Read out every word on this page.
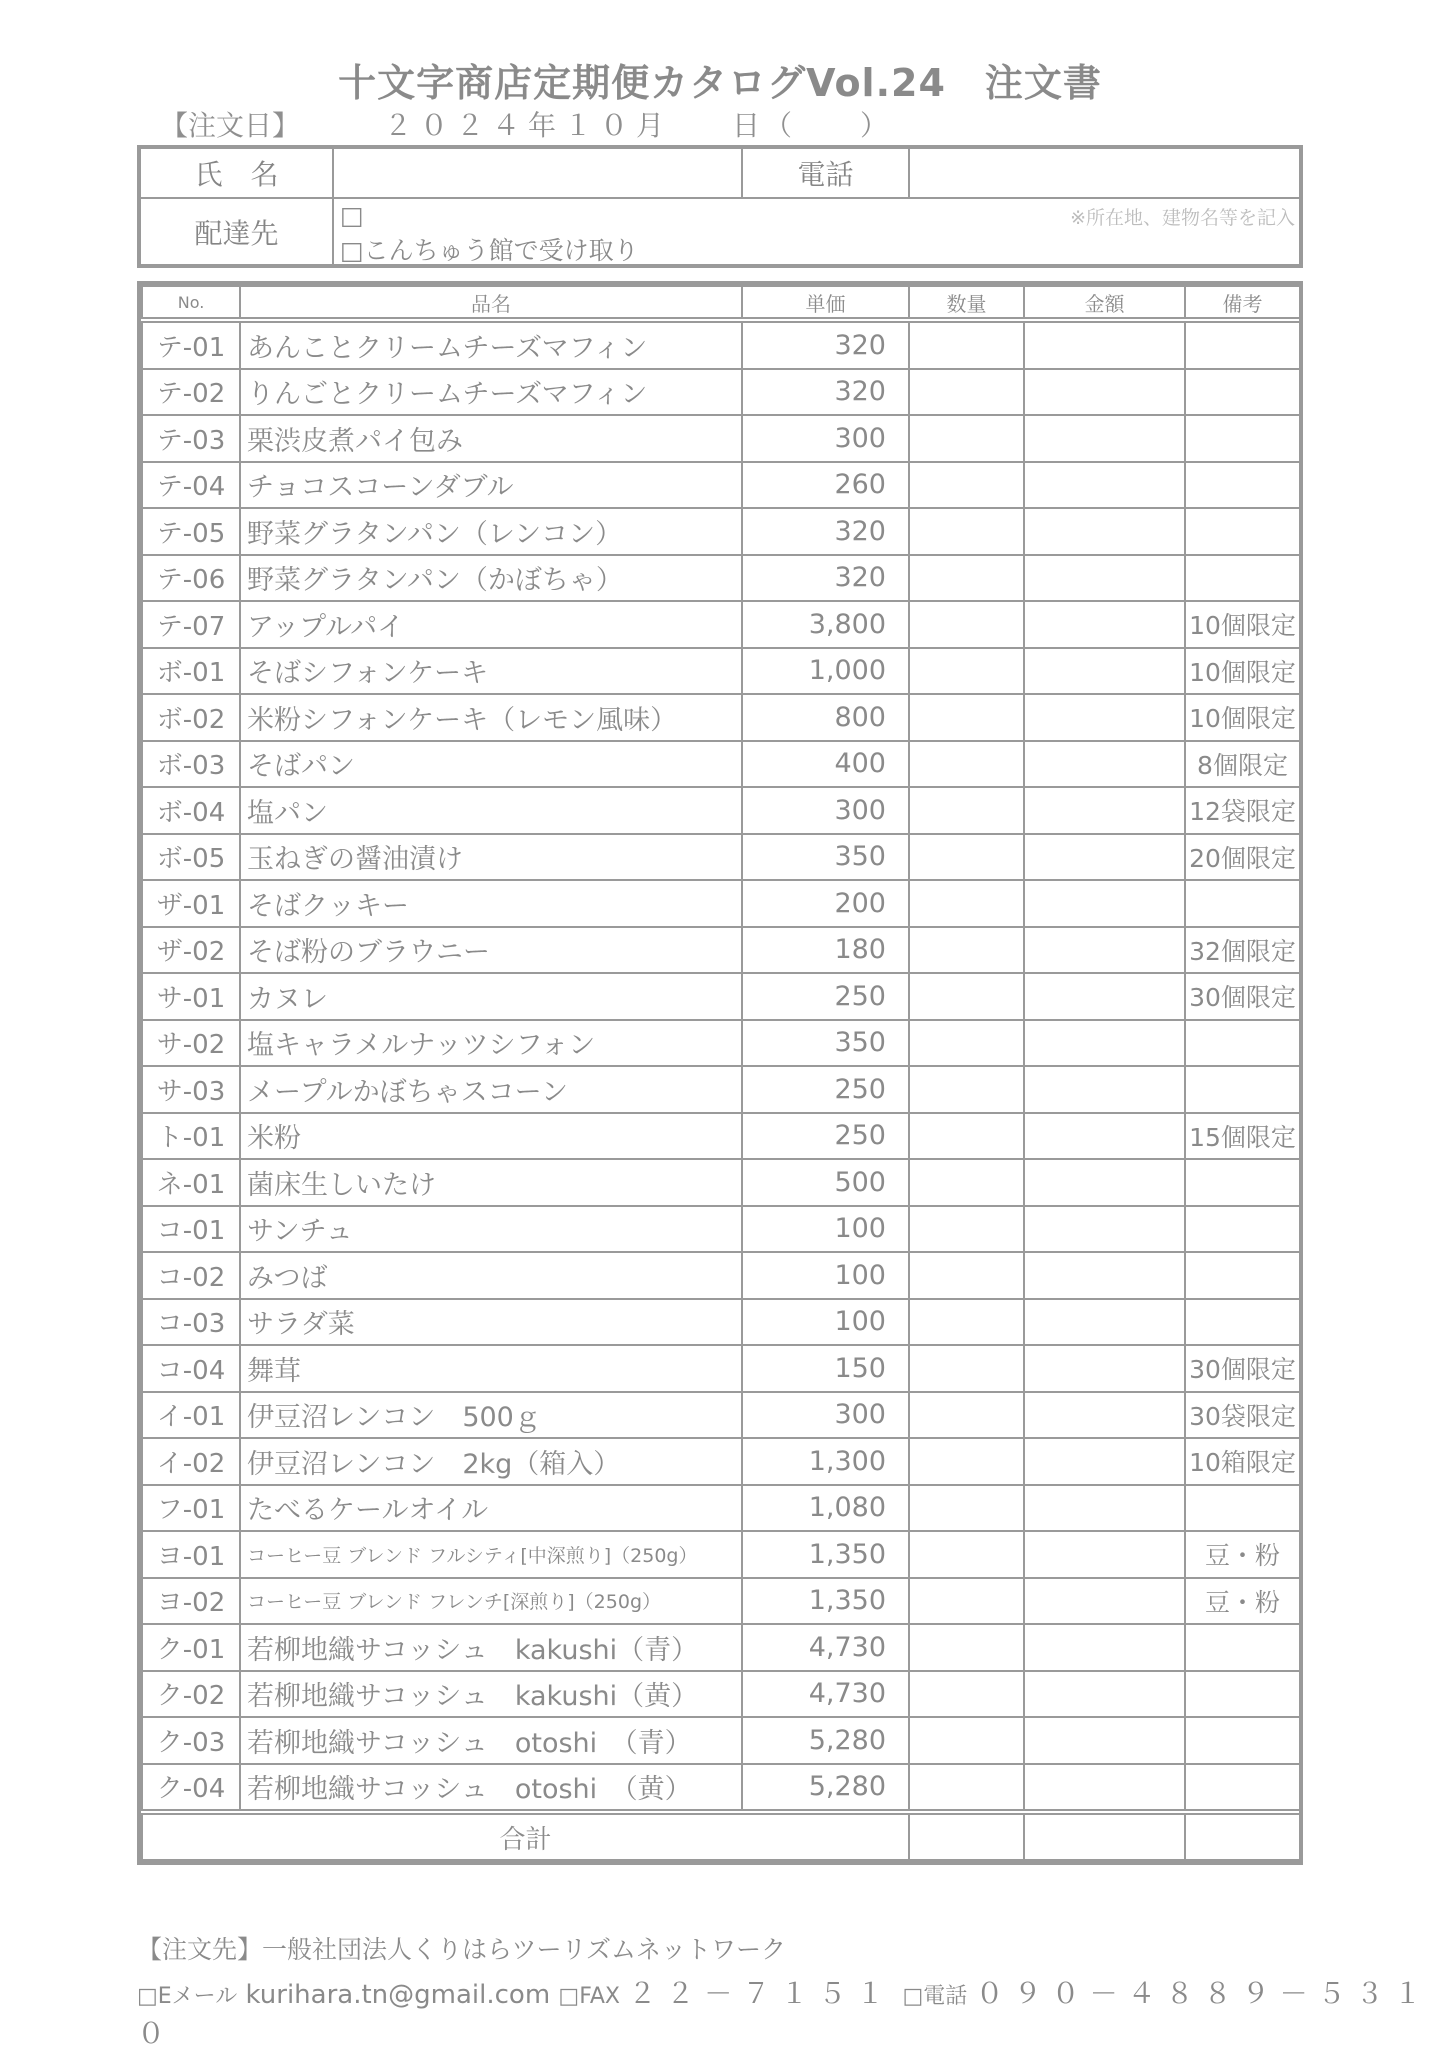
十文字商店定期便カタログVol.24　注文書
【注文日】	２０２４年１０月 日（　　）
氏　名	電話
配達先
□	※所在地、建物名等を記入
□こんちゅう館で受け取り
No.	品名	単価	数量	金額	備考
テ-01	あんことクリームチーズマフィン	320			
テ-02	りんごとクリームチーズマフィン	320			
テ-03	栗渋皮煮パイ包み	300			
テ-04	チョコスコーンダブル	260			
テ-05	野菜グラタンパン（レンコン）	320			
テ-06	野菜グラタンパン（かぼちゃ）	320			
テ-07	アップルパイ	3,800			10個限定
ボ-01	そばシフォンケーキ	1,000			10個限定
ボ-02	米粉シフォンケーキ（レモン風味）	800			10個限定
ボ-03	そばパン	400			8個限定
ボ-04	塩パン	300			12袋限定
ボ-05	玉ねぎの醤油漬け	350			20個限定
ザ-01	そばクッキー	200			
ザ-02	そば粉のブラウニー	180			32個限定
サ-01	カヌレ	250			30個限定
サ-02	塩キャラメルナッツシフォン	350			
サ-03	メープルかぼちゃスコーン	250			
ト-01	米粉	250			15個限定
ネ-01	菌床生しいたけ	500			
コ-01	サンチュ	100			
コ-02	みつば	100			
コ-03	サラダ菜	100			
コ-04	舞茸	150			30個限定
イ-01	伊豆沼レンコン　500ｇ	300			30袋限定
イ-02	伊豆沼レンコン　2kg（箱入）	1,300			10箱限定
フ-01	たべるケールオイル	1,080			
ヨ-01	コーヒー豆 ブレンド フルシティ[中深煎り]（250g）	1,350			豆・粉
ヨ-02	コーヒー豆 ブレンド フレンチ[深煎り]（250g）	1,350			豆・粉
ク-01	若柳地織サコッシュ　kakushi（青）	4,730			
ク-02	若柳地織サコッシュ　kakushi（黄）	4,730			
ク-03	若柳地織サコッシュ　otoshi　（青）	5,280			
ク-04	若柳地織サコッシュ　otoshi　（黄）	5,280			
合計					
【注文先】一般社団法人くりはらツーリズムネットワーク
□Eメール kurihara.tn@gmail.com □FAX ２２－７１５１ □電話 ０９０－４８８９－５３１０
